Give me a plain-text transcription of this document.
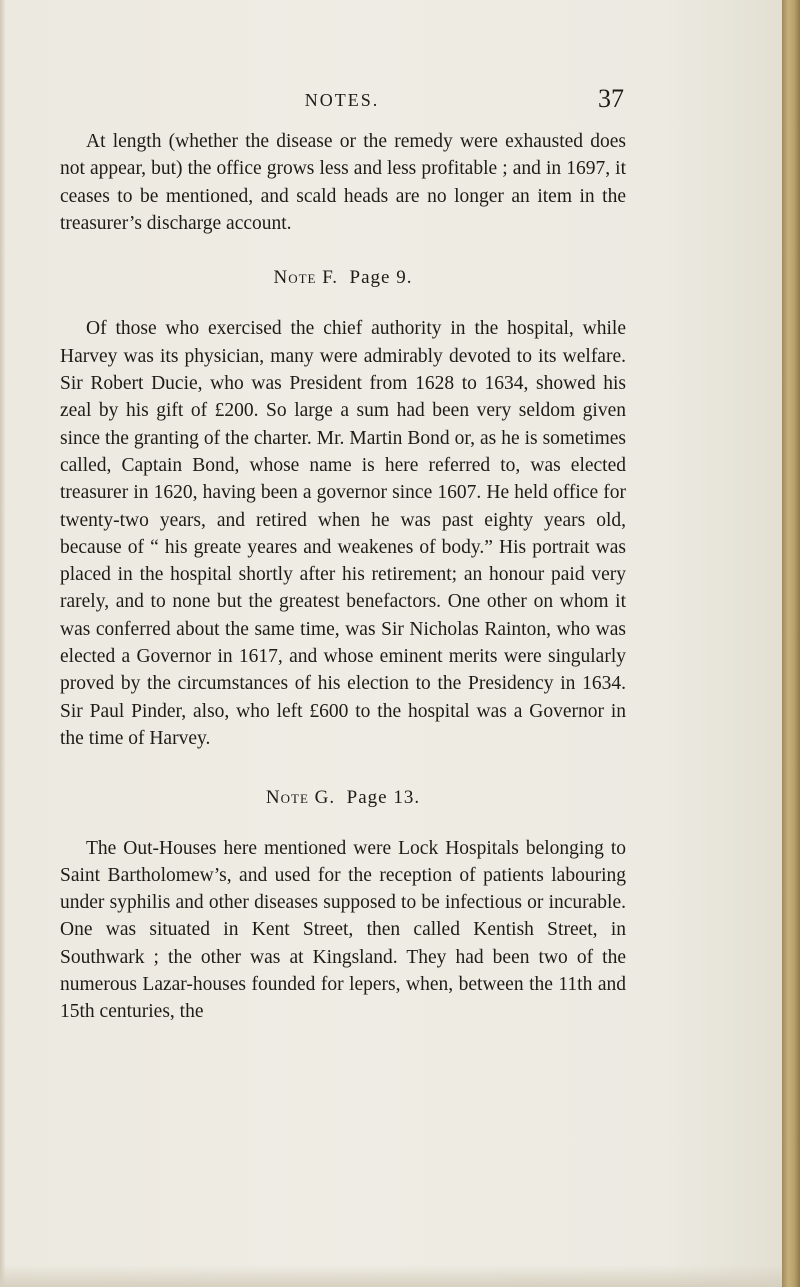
NOTES.	37

At length (whether the disease or the remedy were exhausted does not appear, but) the office grows less and less profitable ; and in 1697, it ceases to be mentioned, and scald heads are no longer an item in the treasurer’s discharge account.

Note F. Page 9.

Of those who exercised the chief authority in the hospital, while Harvey was its physician, many were admirably devoted to its welfare. Sir Robert Ducie, who was President from 1628 to 1634, showed his zeal by his gift of £200. So large a sum had been very seldom given since the granting of the charter. Mr. Martin Bond or, as he is sometimes called, Captain Bond, whose name is here referred to, was elected treasurer in 1620, having been a governor since 1607. He held office for twenty-two years, and retired when he was past eighty years old, because of “ his greate yeares and weakenes of body.” His portrait was placed in the hospital shortly after his retirement; an honour paid very rarely, and to none but the greatest benefactors. One other on whom it was conferred about the same time, was Sir Nicholas Rainton, who was elected a Governor in 1617, and whose eminent merits were singularly proved by the circumstances of his election to the Presidency in 1634. Sir Paul Pinder, also, who left £600 to the hospital was a Governor in the time of Harvey.

Note G. Page 13.

The Out-Houses here mentioned were Lock Hospitals belonging to Saint Bartholomew’s, and used for the reception of patients labouring under syphilis and other diseases supposed to be infectious or incurable. One was situated in Kent Street, then called Kentish Street, in Southwark ; the other was at Kingsland. They had been two of the numerous Lazar-houses founded for lepers, when, between the 11th and 15th centuries, the
